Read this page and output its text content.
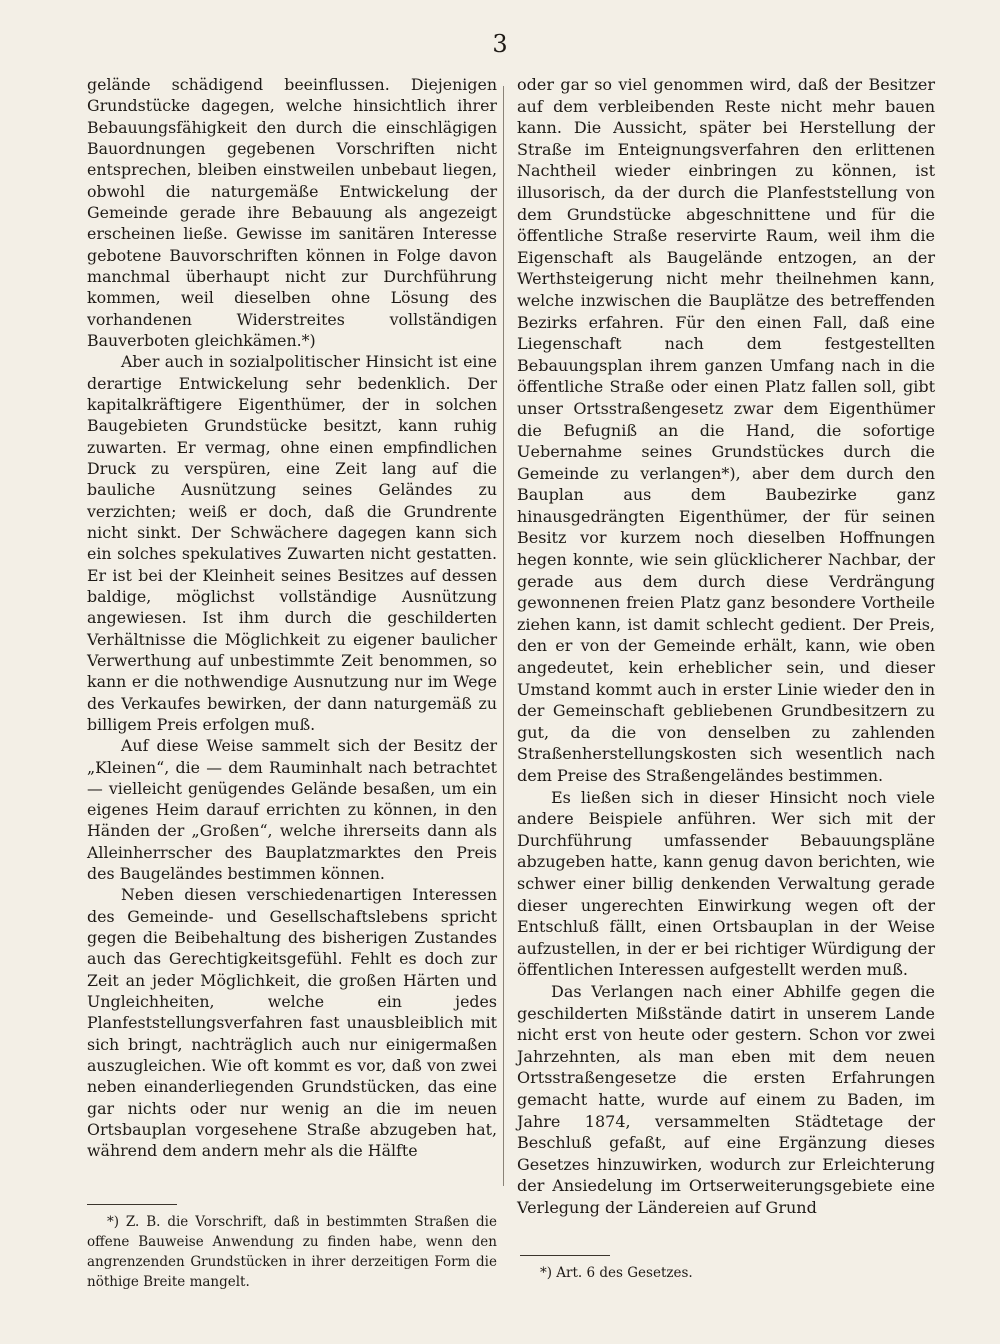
3

gelände schädigend beeinflussen. Diejenigen Grundstücke dagegen, welche hinsichtlich ihrer Bebauungsfähigkeit den durch die einschlägigen Bauordnungen gegebenen Vorschriften nicht entsprechen, bleiben einstweilen unbebaut liegen, obwohl die naturgemäße Entwickelung der Gemeinde gerade ihre Bebauung als angezeigt erscheinen ließe. Gewisse im sanitären Interesse gebotene Bauvorschriften können in Folge davon manchmal überhaupt nicht zur Durchführung kommen, weil dieselben ohne Lösung des vorhandenen Widerstreites vollständigen Bauverboten gleichkämen.*)

Aber auch in sozialpolitischer Hinsicht ist eine derartige Entwickelung sehr bedenklich. Der kapitalkräftigere Eigenthümer, der in solchen Baugebieten Grundstücke besitzt, kann ruhig zuwarten. Er vermag, ohne einen empfindlichen Druck zu verspüren, eine Zeit lang auf die bauliche Ausnützung seines Geländes zu verzichten; weiß er doch, daß die Grundrente nicht sinkt. Der Schwächere dagegen kann sich ein solches spekulatives Zuwarten nicht gestatten. Er ist bei der Kleinheit seines Besitzes auf dessen baldige, möglichst vollständige Ausnützung angewiesen. Ist ihm durch die geschilderten Verhältnisse die Möglichkeit zu eigener baulicher Verwerthung auf unbestimmte Zeit benommen, so kann er die nothwendige Ausnutzung nur im Wege des Verkaufes bewirken, der dann naturgemäß zu billigem Preis erfolgen muß.

Auf diese Weise sammelt sich der Besitz der „Kleinen“, die — dem Rauminhalt nach betrachtet — vielleicht genügendes Gelände besaßen, um ein eigenes Heim darauf errichten zu können, in den Händen der „Großen“, welche ihrerseits dann als Alleinherrscher des Bauplatzmarktes den Preis des Baugeländes bestimmen können.

Neben diesen verschiedenartigen Interessen des Gemeinde- und Gesellschaftslebens spricht gegen die Beibehaltung des bisherigen Zustandes auch das Gerechtigkeitsgefühl. Fehlt es doch zur Zeit an jeder Möglichkeit, die großen Härten und Ungleichheiten, welche ein jedes Planfeststellungsverfahren fast unausbleiblich mit sich bringt, nachträglich auch nur einigermaßen auszugleichen. Wie oft kommt es vor, daß von zwei neben einanderliegenden Grundstücken, das eine gar nichts oder nur wenig an die im neuen Ortsbauplan vorgesehene Straße abzugeben hat, während dem andern mehr als die Hälfte

oder gar so viel genommen wird, daß der Besitzer auf dem verbleibenden Reste nicht mehr bauen kann. Die Aussicht, später bei Herstellung der Straße im Enteignungsverfahren den erlittenen Nachtheil wieder einbringen zu können, ist illusorisch, da der durch die Planfeststellung von dem Grundstücke abgeschnittene und für die öffentliche Straße reservirte Raum, weil ihm die Eigenschaft als Baugelände entzogen, an der Werthsteigerung nicht mehr theilnehmen kann, welche inzwischen die Bauplätze des betreffenden Bezirks erfahren. Für den einen Fall, daß eine Liegenschaft nach dem festgestellten Bebauungsplan ihrem ganzen Umfang nach in die öffentliche Straße oder einen Platz fallen soll, gibt unser Ortsstraßengesetz zwar dem Eigenthümer die Befugniß an die Hand, die sofortige Uebernahme seines Grundstückes durch die Gemeinde zu verlangen*), aber dem durch den Bauplan aus dem Baubezirke ganz hinausgedrängten Eigenthümer, der für seinen Besitz vor kurzem noch dieselben Hoffnungen hegen konnte, wie sein glücklicherer Nachbar, der gerade aus dem durch diese Verdrängung gewonnenen freien Platz ganz besondere Vortheile ziehen kann, ist damit schlecht gedient. Der Preis, den er von der Gemeinde erhält, kann, wie oben angedeutet, kein erheblicher sein, und dieser Umstand kommt auch in erster Linie wieder den in der Gemeinschaft gebliebenen Grundbesitzern zu gut, da die von denselben zu zahlenden Straßenherstellungskosten sich wesentlich nach dem Preise des Straßengeländes bestimmen.

Es ließen sich in dieser Hinsicht noch viele andere Beispiele anführen. Wer sich mit der Durchführung umfassender Bebauungspläne abzugeben hatte, kann genug davon berichten, wie schwer einer billig denkenden Verwaltung gerade dieser ungerechten Einwirkung wegen oft der Entschluß fällt, einen Ortsbauplan in der Weise aufzustellen, in der er bei richtiger Würdigung der öffentlichen Interessen aufgestellt werden muß.

Das Verlangen nach einer Abhilfe gegen die geschilderten Mißstände datirt in unserem Lande nicht erst von heute oder gestern. Schon vor zwei Jahrzehnten, als man eben mit dem neuen Ortsstraßengesetze die ersten Erfahrungen gemacht hatte, wurde auf einem zu Baden, im Jahre 1874, versammelten Städtetage der Beschluß gefaßt, auf eine Ergänzung dieses Gesetzes hinzuwirken, wodurch zur Erleichterung der Ansiedelung im Ortserweiterungsgebiete eine Verlegung der Ländereien auf Grund

*) Z. B. die Vorschrift, daß in bestimmten Straßen die offene Bauweise Anwendung zu finden habe, wenn den angrenzenden Grundstücken in ihrer derzeitigen Form die nöthige Breite mangelt.

*) Art. 6 des Gesetzes.
